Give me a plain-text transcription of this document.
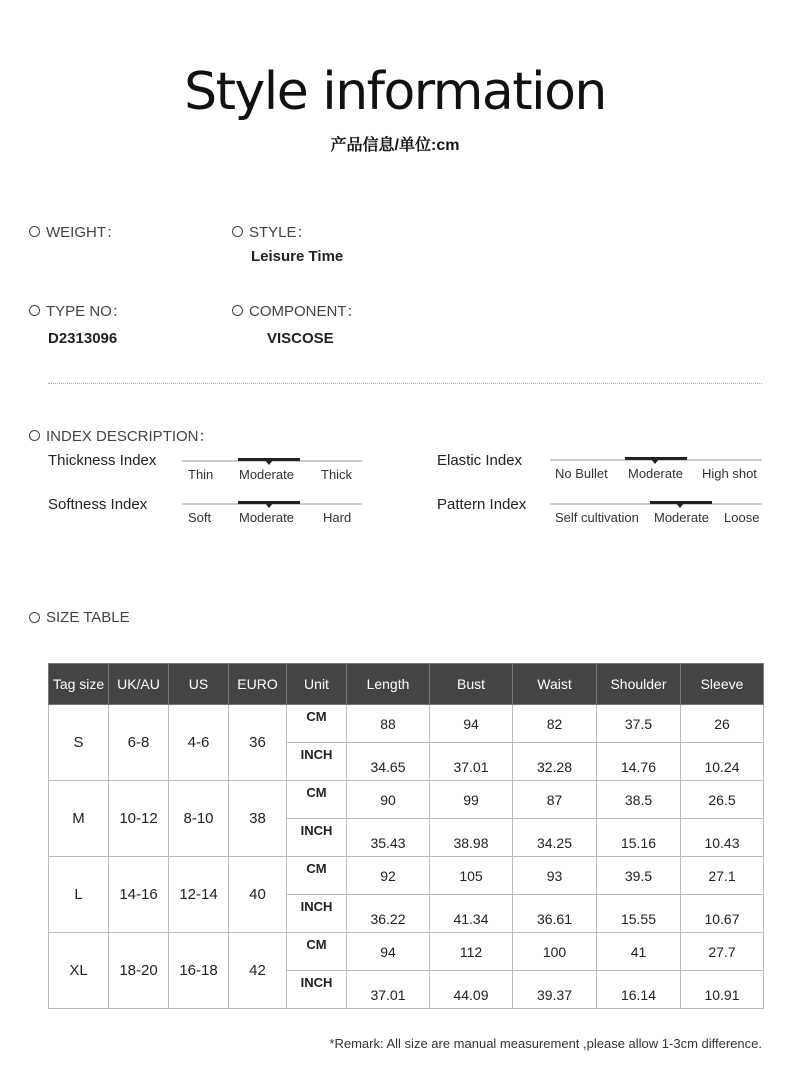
Style information
产品信息/单位:cm
WEIGHT：	STYLE：
Leisure Time
TYPE NO：	COMPONENT：
D2313096	VISCOSE
INDEX DESCRIPTION：
Thickness Index
Thin Moderate Thick
Softness Index
Soft Moderate Hard
Elastic Index
No Bullet Moderate High shot
Pattern Index
Self cultivation Moderate Loose
SIZE TABLE
Tag size	UK/AU	US	EURO	Unit	Length	Bust	Waist	Shoulder	Sleeve
S	6-8	4-6	36	CM	88	94	82	37.5	26
				INCH	34.65	37.01	32.28	14.76	10.24
M	10-12	8-10	38	CM	90	99	87	38.5	26.5
				INCH	35.43	38.98	34.25	15.16	10.43
L	14-16	12-14	40	CM	92	105	93	39.5	27.1
				INCH	36.22	41.34	36.61	15.55	10.67
XL	18-20	16-18	42	CM	94	112	100	41	27.7
				INCH	37.01	44.09	39.37	16.14	10.91
*Remark: All size are manual measurement ,please allow 1-3cm difference.
